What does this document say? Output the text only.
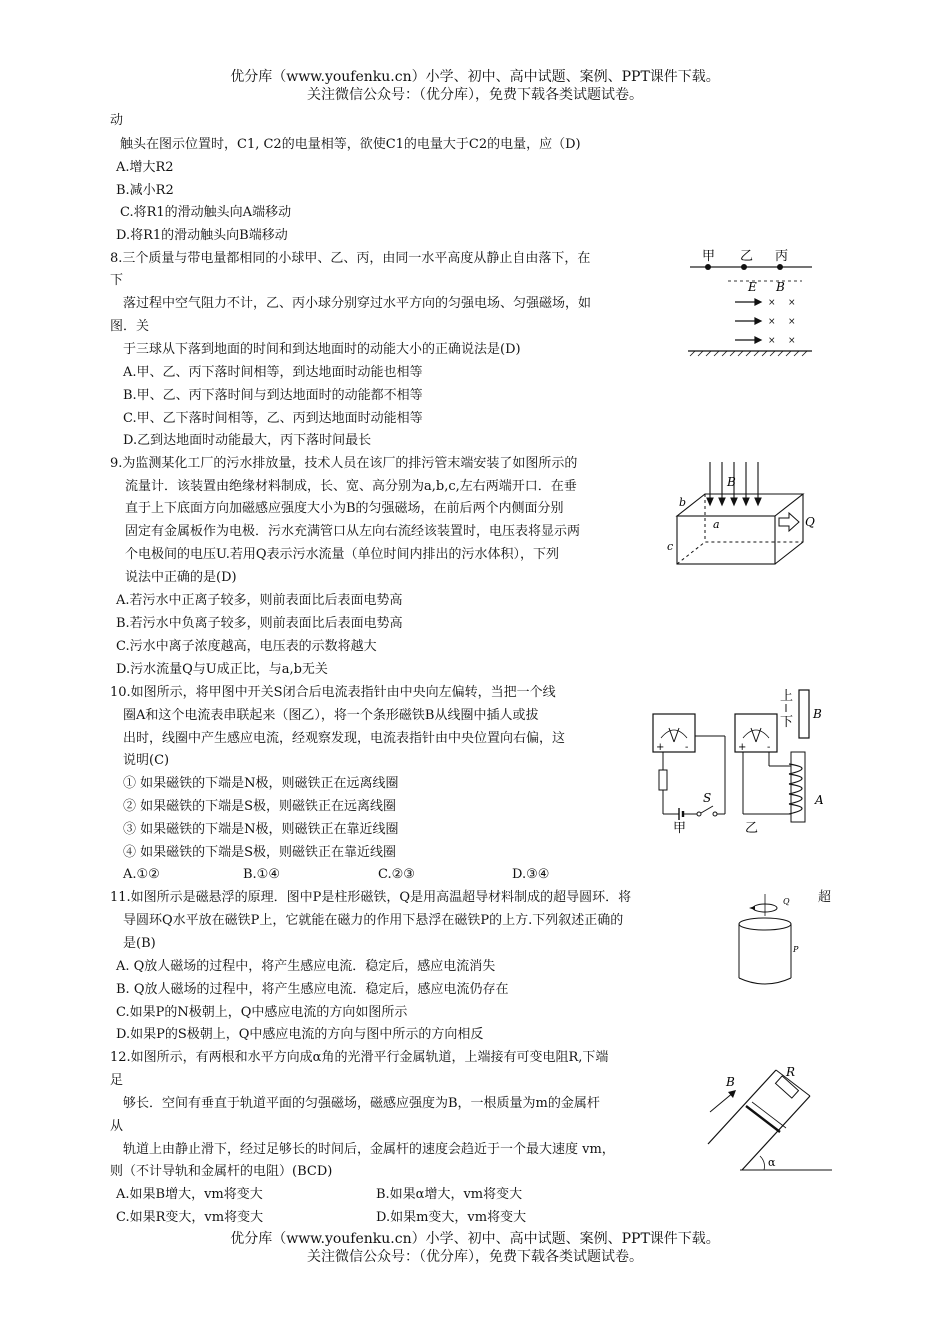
优分库（www.youfenku.cn）小学、初中、高中试题、案例、PPT课件下载。
关注微信公众号：（优分库），免费下载各类试题试卷。
动
触头在图示位置时，C1, C2的电量相等，欲使C1的电量大于C2的电量，应（D)
A.增大R2
B.减小R2
C.将R1的滑动触头向A端移动
D.将R1的滑动触头向B端移动
8.三个质量与带电量都相同的小球甲、乙、丙，由同一水平高度从静止自由落下，在
下
落过程中空气阻力不计，乙、丙小球分别穿过水平方向的匀强电场、匀强磁场，如
图．关
于三球从下落到地面的时间和到达地面时的动能大小的正确说法是(D)
A.甲、乙、丙下落时间相等，到达地面时动能也相等
B.甲、乙、丙下落时间与到达地面时的动能都不相等
C.甲、乙下落时间相等，乙、丙到达地面时动能相等
D.乙到达地面时动能最大，丙下落时间最长
甲 乙 丙
E B
× ×
× ×
× ×
9.为监测某化工厂的污水排放量，技术人员在该厂的排污管末端安装了如图所示的
流量计．该装置由绝缘材料制成，长、宽、高分别为a,b,c,左右两端开口．在垂
直于上下底面方向加磁感应强度大小为B的匀强磁场，在前后两个内侧面分别
固定有金属板作为电极．污水充满管口从左向右流经该装置时，电压表将显示两
个电极间的电压U.若用Q表示污水流量（单位时间内排出的污水体积），下列
说法中正确的是(D)
A.若污水中正离子较多，则前表面比后表面电势高
B.若污水中负离子较多，则前表面比后表面电势高
C.污水中离子浓度越高，电压表的示数将越大
D.污水流量Q与U成正比，与a,b无关
B
b
a
c
Q
10.如图所示，将甲图中开关S闭合后电流表指针由中央向左偏转，当把一个线
圈A和这个电流表串联起来（图乙），将一个条形磁铁B从线圈中插人或拔
出时，线圈中产生感应电流，经观察发现，电流表指针由中央位置向右偏，这
说明(C)
① 如果磁铁的下端是N极，则磁铁正在远离线圈
② 如果磁铁的下端是S极，则磁铁正在远离线圈
③ 如果磁铁的下端是N极，则磁铁正在靠近线圈
④ 如果磁铁的下端是S极，则磁铁正在靠近线圈
A.①②	B.①④	C.②③	D.③④
+ -
S
甲
+ -
A
乙
上
下
B
11.如图所示是磁悬浮的原理．图中P是柱形磁铁，Q是用高温超导材料制成的超导圆环．将	超
导圆环Q水平放在磁铁P上，它就能在磁力的作用下悬浮在磁铁P的上方.下列叙述正确的
是(B)
A. Q放人磁场的过程中，将产生感应电流．稳定后，感应电流消失
B. Q放人磁场的过程中，将产生感应电流．稳定后，感应电流仍存在
C.如果P的N极朝上，Q中感应电流的方向如图所示
D.如果P的S极朝上，Q中感应电流的方向与图中所示的方向相反
Q
P
12.如图所示，有两根和水平方向成α角的光滑平行金属轨道，上端接有可变电阻R,下端
足
够长．空间有垂直于轨道平面的匀强磁场，磁感应强度为B，一根质量为m的金属杆
从
轨道上由静止滑下，经过足够长的时间后，金属杆的速度会趋近于一个最大速度 vm，
则（不计导轨和金属杆的电阻）(BCD)
A.如果B增大，vm将变大	B.如果α增大，vm将变大
C.如果R变大，vm将变大	D.如果m变大，vm将变大
R
B
α
优分库（www.youfenku.cn）小学、初中、高中试题、案例、PPT课件下载。
关注微信公众号：（优分库），免费下载各类试题试卷。
